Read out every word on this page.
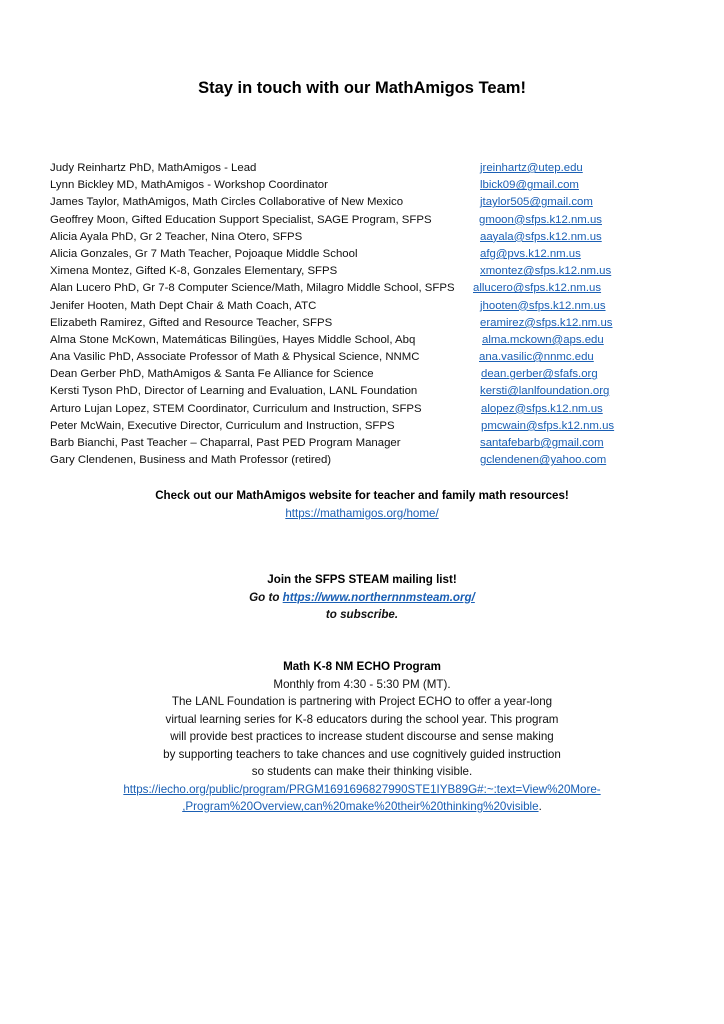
Stay in touch with our MathAmigos Team!
Judy Reinhartz PhD, MathAmigos - Lead	jreinhartz@utep.edu
Lynn Bickley MD, MathAmigos - Workshop Coordinator	lbick09@gmail.com
James Taylor, MathAmigos, Math Circles Collaborative of New Mexico	jtaylor505@gmail.com
Geoffrey Moon, Gifted Education Support Specialist, SAGE Program, SFPS	gmoon@sfps.k12.nm.us
Alicia Ayala PhD, Gr 2 Teacher, Nina Otero, SFPS	aayala@sfps.k12.nm.us
Alicia Gonzales, Gr 7 Math Teacher, Pojoaque Middle School	afg@pvs.k12.nm.us
Ximena Montez, Gifted K-8, Gonzales Elementary, SFPS	xmontez@sfps.k12.nm.us
Alan Lucero PhD, Gr 7-8 Computer Science/Math, Milagro Middle School, SFPS allucero@sfps.k12.nm.us
Jenifer Hooten, Math Dept Chair & Math Coach, ATC	jhooten@sfps.k12.nm.us
Elizabeth Ramirez, Gifted and Resource Teacher, SFPS	eramirez@sfps.k12.nm.us
Alma Stone McKown, Matemáticas Bilingües, Hayes Middle School, Abq	alma.mckown@aps.edu
Ana Vasilic PhD, Associate Professor of Math & Physical Science, NNMC	ana.vasilic@nnmc.edu
Dean Gerber PhD, MathAmigos & Santa Fe Alliance for Science	dean.gerber@sfafs.org
Kersti Tyson PhD, Director of Learning and Evaluation, LANL Foundation	kersti@lanlfoundation.org
Arturo Lujan Lopez, STEM Coordinator, Curriculum and Instruction, SFPS	alopez@sfps.k12.nm.us
Peter McWain, Executive Director, Curriculum and Instruction, SFPS	pmcwain@sfps.k12.nm.us
Barb Bianchi, Past Teacher – Chaparral, Past PED Program Manager	santafebarb@gmail.com
Gary Clendenen, Business and Math Professor (retired)	gclendenen@yahoo.com
Check out our MathAmigos website for teacher and family math resources!
https://mathamigos.org/home/
Join the SFPS STEAM mailing list!
Go to https://www.northernnmsteam.org/
to subscribe.
Math K-8 NM ECHO Program
Monthly from 4:30 - 5:30 PM (MT).
The LANL Foundation is partnering with Project ECHO to offer a year-long
virtual learning series for K-8 educators during the school year. This program
will provide best practices to increase student discourse and sense making
by supporting teachers to take chances and use cognitively guided instruction
so students can make their thinking visible.
https://iecho.org/public/program/PRGM1691696827990STE1IYB89G#:~:text=View%20More-
,Program%20Overview,can%20make%20their%20thinking%20visible.
